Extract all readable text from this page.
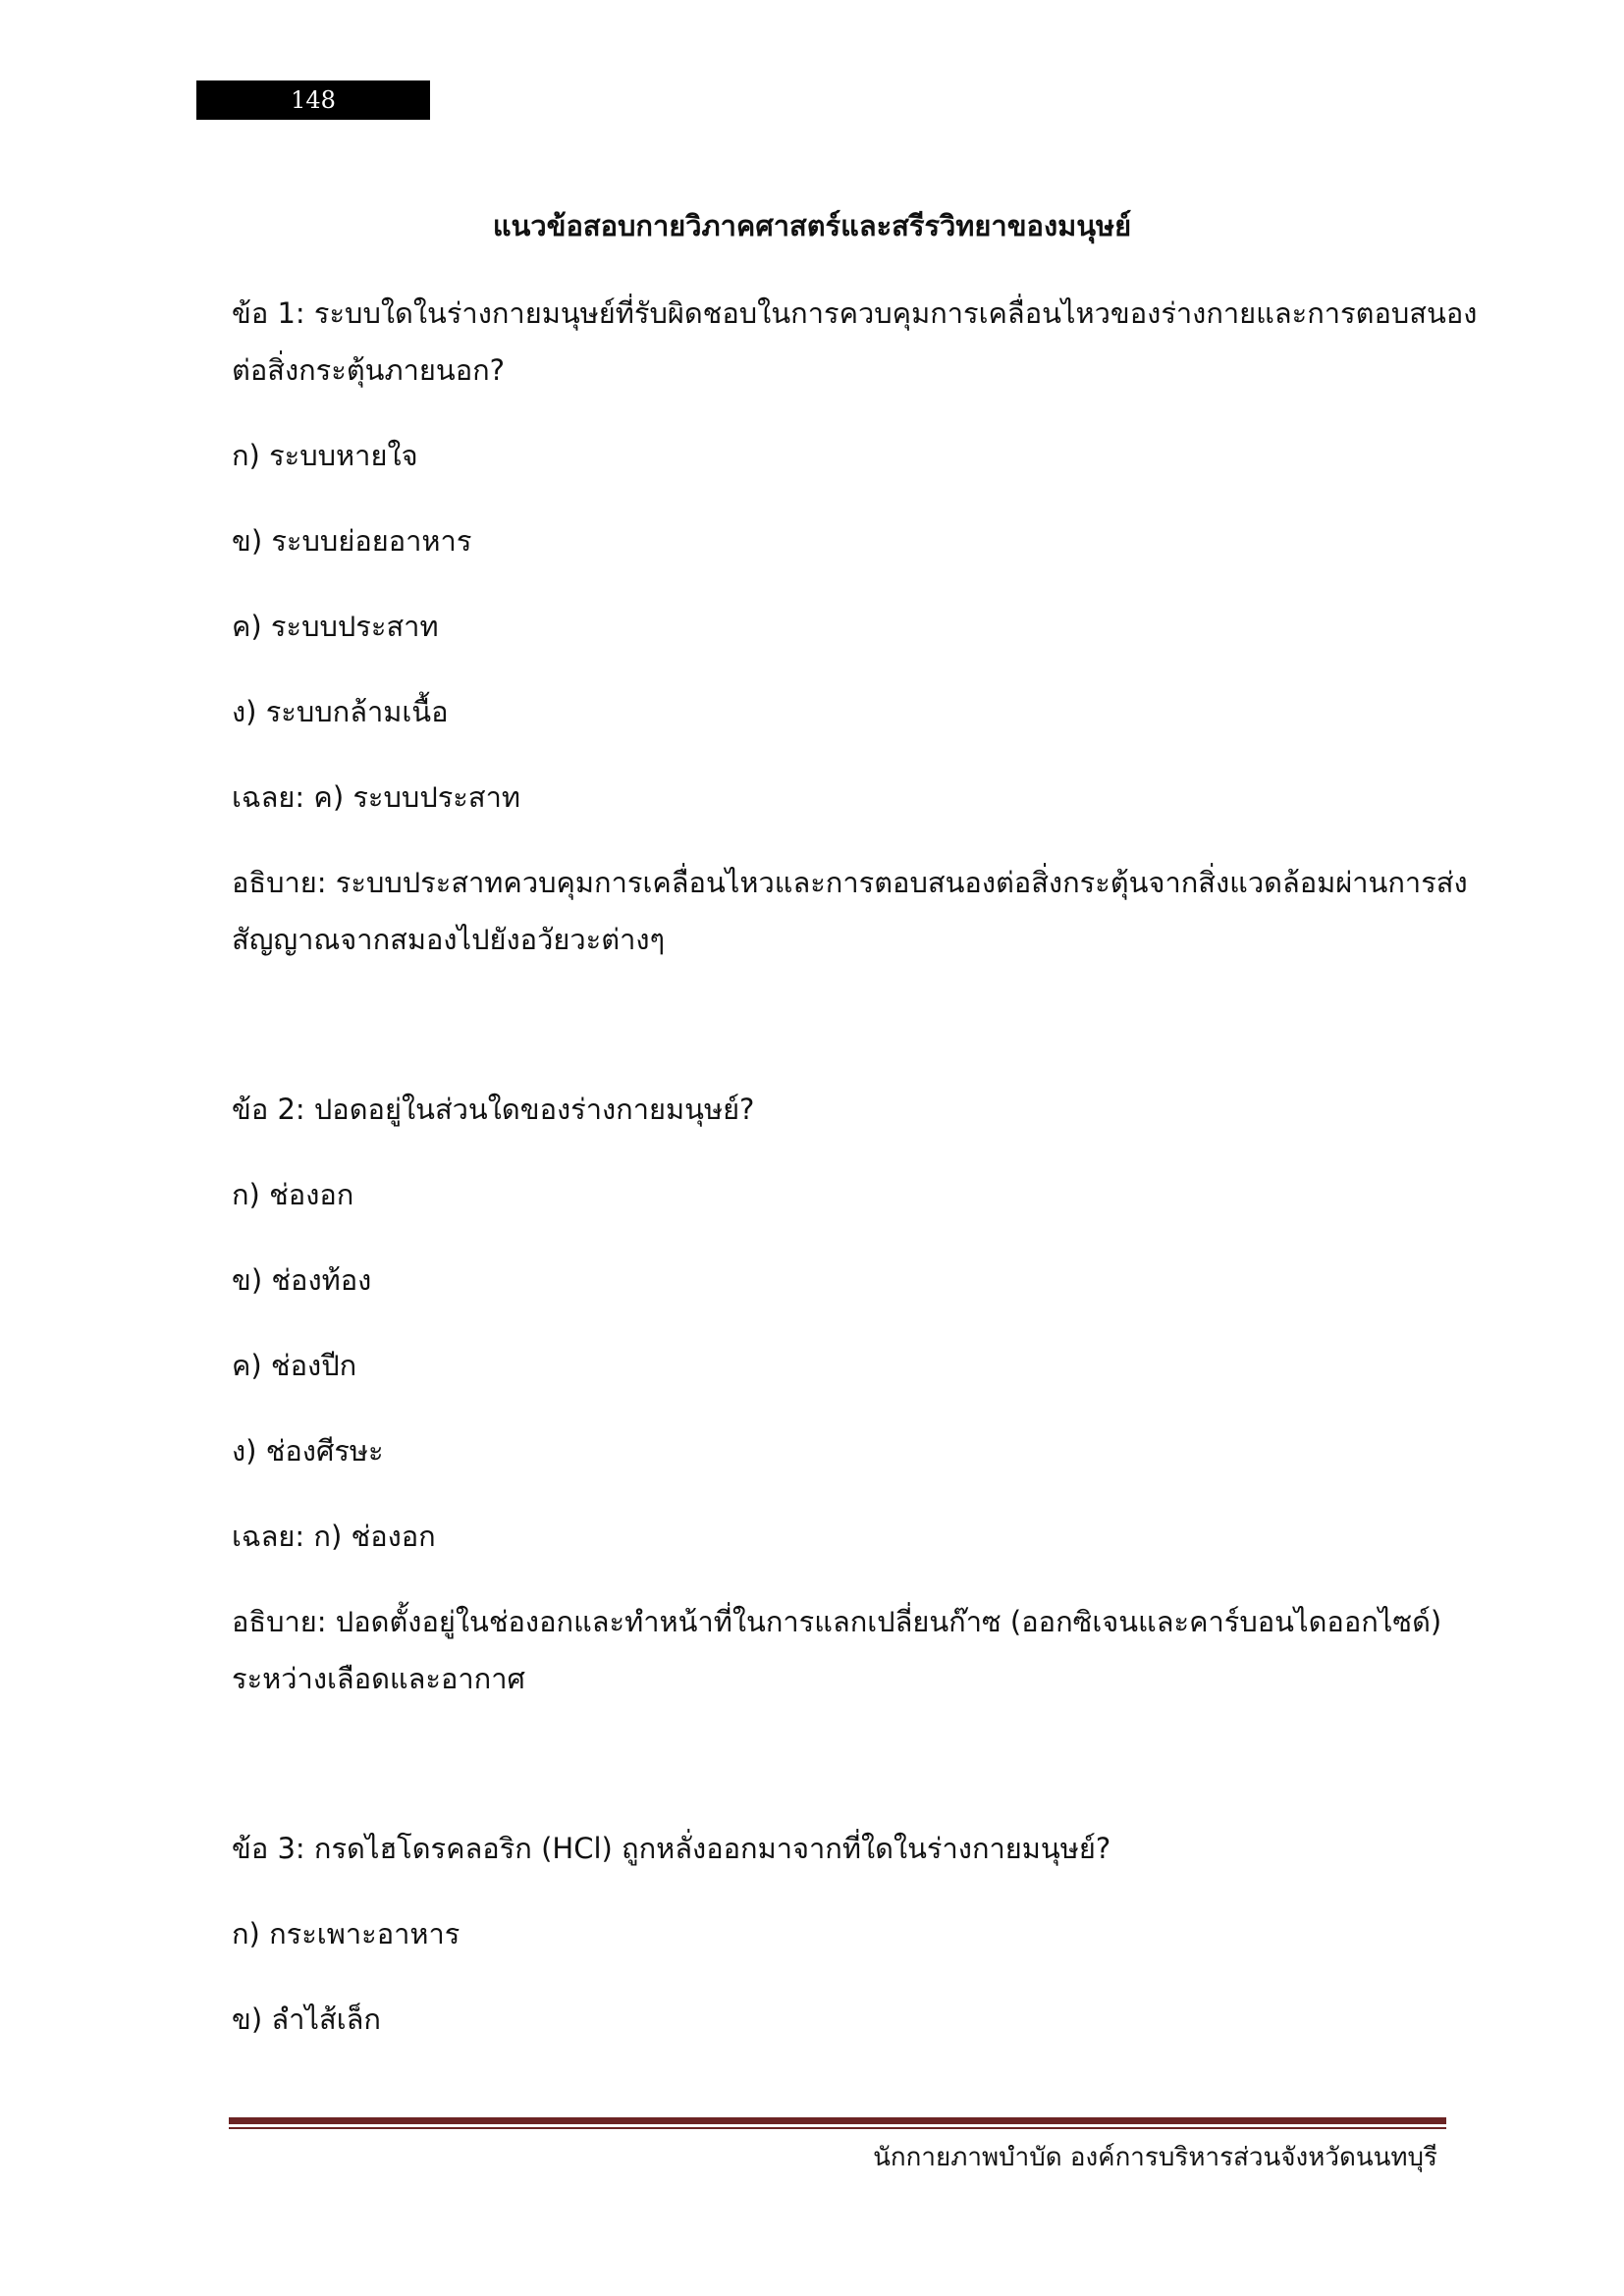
148
แนวข้อสอบกายวิภาคศาสตร์และสรีรวิทยาของมนุษย์
ข้อ 1: ระบบใดในร่างกายมนุษย์ที่รับผิดชอบในการควบคุมการเคลื่อนไหวของร่างกายและการตอบสนอง
ต่อสิ่งกระตุ้นภายนอก?
ก) ระบบหายใจ
ข) ระบบย่อยอาหาร
ค) ระบบประสาท
ง) ระบบกล้ามเนื้อ
เฉลย: ค) ระบบประสาท
อธิบาย: ระบบประสาทควบคุมการเคลื่อนไหวและการตอบสนองต่อสิ่งกระตุ้นจากสิ่งแวดล้อมผ่านการส่ง
สัญญาณจากสมองไปยังอวัยวะต่างๆ
ข้อ 2: ปอดอยู่ในส่วนใดของร่างกายมนุษย์?
ก) ช่องอก
ข) ช่องท้อง
ค) ช่องปีก
ง) ช่องศีรษะ
เฉลย: ก) ช่องอก
อธิบาย: ปอดตั้งอยู่ในช่องอกและทำหน้าที่ในการแลกเปลี่ยนก๊าซ (ออกซิเจนและคาร์บอนไดออกไซด์)
ระหว่างเลือดและอากาศ
ข้อ 3: กรดไฮโดรคลอริก (HCl) ถูกหลั่งออกมาจากที่ใดในร่างกายมนุษย์?
ก) กระเพาะอาหาร
ข) ลำไส้เล็ก
นักกายภาพบำบัด องค์การบริหารส่วนจังหวัดนนทบุรี
